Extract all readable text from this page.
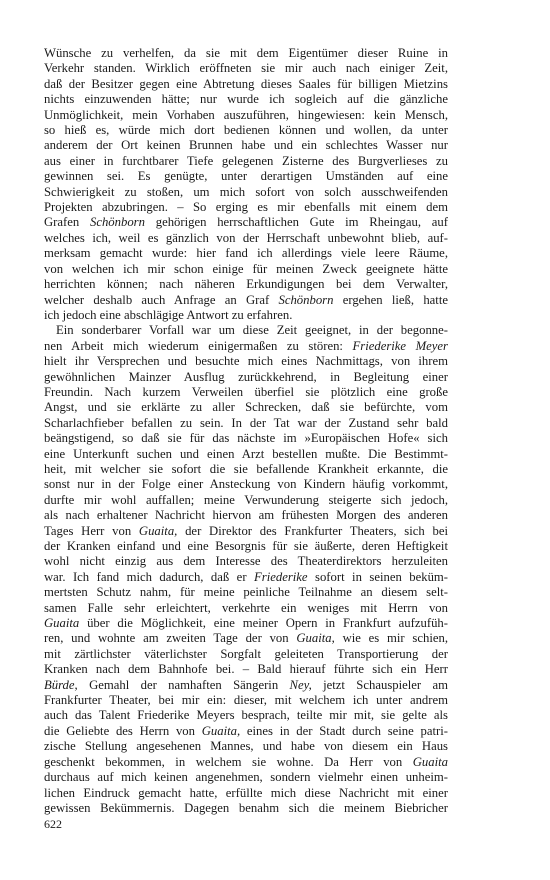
Wünsche zu verhelfen, da sie mit dem Eigentümer dieser Ruine in
Verkehr standen. Wirklich eröffneten sie mir auch nach einiger Zeit,
daß der Besitzer gegen eine Abtretung dieses Saales für billigen Mietzins
nichts einzuwenden hätte; nur wurde ich sogleich auf die gänzliche
Unmöglichkeit, mein Vorhaben auszuführen, hingewiesen: kein Mensch,
so hieß es, würde mich dort bedienen können und wollen, da unter
anderem der Ort keinen Brunnen habe und ein schlechtes Wasser nur
aus einer in furchtbarer Tiefe gelegenen Zisterne des Burgverlieses zu
gewinnen sei. Es genügte, unter derartigen Umständen auf eine
Schwierigkeit zu stoßen, um mich sofort von solch ausschweifenden
Projekten abzubringen. – So erging es mir ebenfalls mit einem dem
Grafen Schönborn gehörigen herrschaftlichen Gute im Rheingau, auf
welches ich, weil es gänzlich von der Herrschaft unbewohnt blieb, auf-
merksam gemacht wurde: hier fand ich allerdings viele leere Räume,
von welchen ich mir schon einige für meinen Zweck geeignete hätte
herrichten können; nach näheren Erkundigungen bei dem Verwalter,
welcher deshalb auch Anfrage an Graf Schönborn ergehen ließ, hatte
ich jedoch eine abschlägige Antwort zu erfahren.

Ein sonderbarer Vorfall war um diese Zeit geeignet, in der begonne-
nen Arbeit mich wiederum einigermaßen zu stören: Friederike Meyer
hielt ihr Versprechen und besuchte mich eines Nachmittags, von ihrem
gewöhnlichen Mainzer Ausflug zurückkehrend, in Begleitung einer
Freundin. Nach kurzem Verweilen überfiel sie plötzlich eine große
Angst, und sie erklärte zu aller Schrecken, daß sie befürchte, vom
Scharlachfieber befallen zu sein. In der Tat war der Zustand sehr bald
beängstigend, so daß sie für das nächste im »Europäischen Hofe« sich
eine Unterkunft suchen und einen Arzt bestellen mußte. Die Bestimmt-
heit, mit welcher sie sofort die sie befallende Krankheit erkannte, die
sonst nur in der Folge einer Ansteckung von Kindern häufig vorkommt,
durfte mir wohl auffallen; meine Verwunderung steigerte sich jedoch,
als nach erhaltener Nachricht hiervon am frühesten Morgen des anderen
Tages Herr von Guaita, der Direktor des Frankfurter Theaters, sich bei
der Kranken einfand und eine Besorgnis für sie äußerte, deren Heftigkeit
wohl nicht einzig aus dem Interesse des Theaterdirektors herzuleiten
war. Ich fand mich dadurch, daß er Friederike sofort in seinen beküm-
mertsten Schutz nahm, für meine peinliche Teilnahme an diesem selt-
samen Falle sehr erleichtert, verkehrte ein weniges mit Herrn von
Guaita über die Möglichkeit, eine meiner Opern in Frankfurt aufzufüh-
ren, und wohnte am zweiten Tage der von Guaita, wie es mir schien,
mit zärtlichster väterlichster Sorgfalt geleiteten Transportierung der
Kranken nach dem Bahnhofe bei. – Bald hierauf führte sich ein Herr
Bürde, Gemahl der namhaften Sängerin Ney, jetzt Schauspieler am
Frankfurter Theater, bei mir ein: dieser, mit welchem ich unter andrem
auch das Talent Friederike Meyers besprach, teilte mir mit, sie gelte als
die Geliebte des Herrn von Guaita, eines in der Stadt durch seine patri-
zische Stellung angesehenen Mannes, und habe von diesem ein Haus
geschenkt bekommen, in welchem sie wohne. Da Herr von Guaita
durchaus auf mich keinen angenehmen, sondern vielmehr einen unheim-
lichen Eindruck gemacht hatte, erfüllte mich diese Nachricht mit einer
gewissen Bekümmernis. Dagegen benahm sich die meinem Biebricher

622
